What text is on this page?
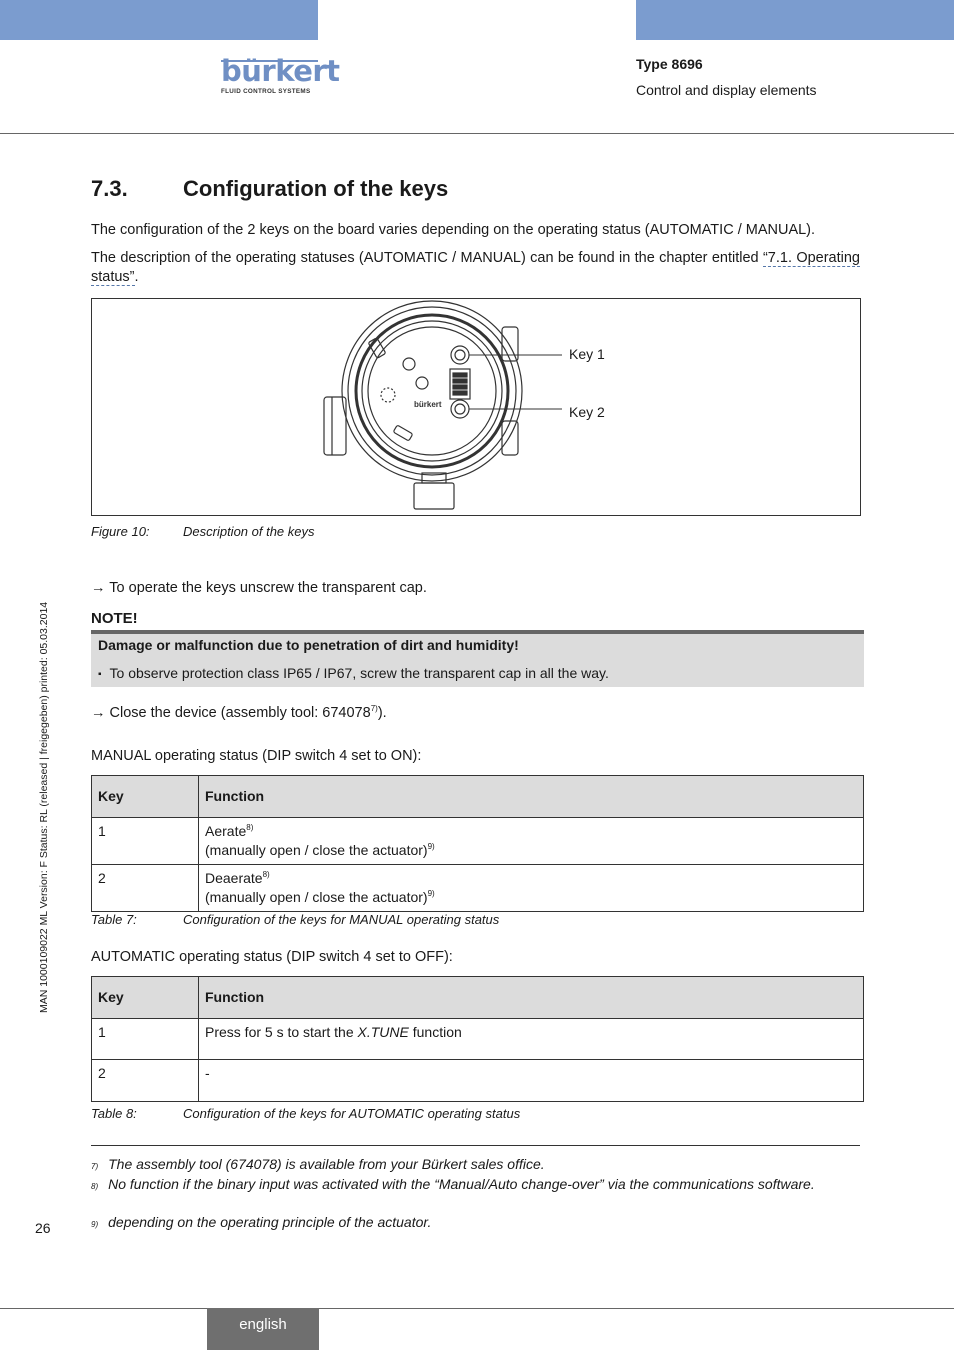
bürkert
FLUID CONTROL SYSTEMS
Type 8696
Control and display elements
MAN 1000109022 ML Version: F Status: RL (released | freigegeben) printed: 05.03.2014
7.3.	Configuration of the keys
The configuration of the 2 keys on the board varies depending on the operating status (AUTOMATIC / MANUAL).
The description of the operating statuses (AUTOMATIC / MANUAL) can be found in the chapter entitled “7.1. Operating status”.
bürkert
Key 1
Key 2
Figure 10:	Description of the keys
→ To operate the keys unscrew the transparent cap.
NOTE!
Damage or malfunction due to penetration of dirt and humidity!
▪ To observe protection class IP65 / IP67, screw the transparent cap in all the way.
→ Close the device (assembly tool: 674078$^{7)}$).
MANUAL operating status (DIP switch 4 set to ON):
Key	Function
1	Aerate$^{8)}$
(manually open / close the actuator)$^{9)}$
2	Deaerate$^{8)}$
(manually open / close the actuator)$^{9)}$
Table 7:	Configuration of the keys for MANUAL operating status
AUTOMATIC operating status (DIP switch 4 set to OFF):
Key	Function
1	Press for 5 s to start the X.TUNE function
2	-
Table 8:	Configuration of the keys for AUTOMATIC operating status
7) The assembly tool (674078) is available from your Bürkert sales office.
8) No function if the binary input was activated with the “Manual/Auto change-over” via the communications software.
9) depending on the operating principle of the actuator.
26
english
